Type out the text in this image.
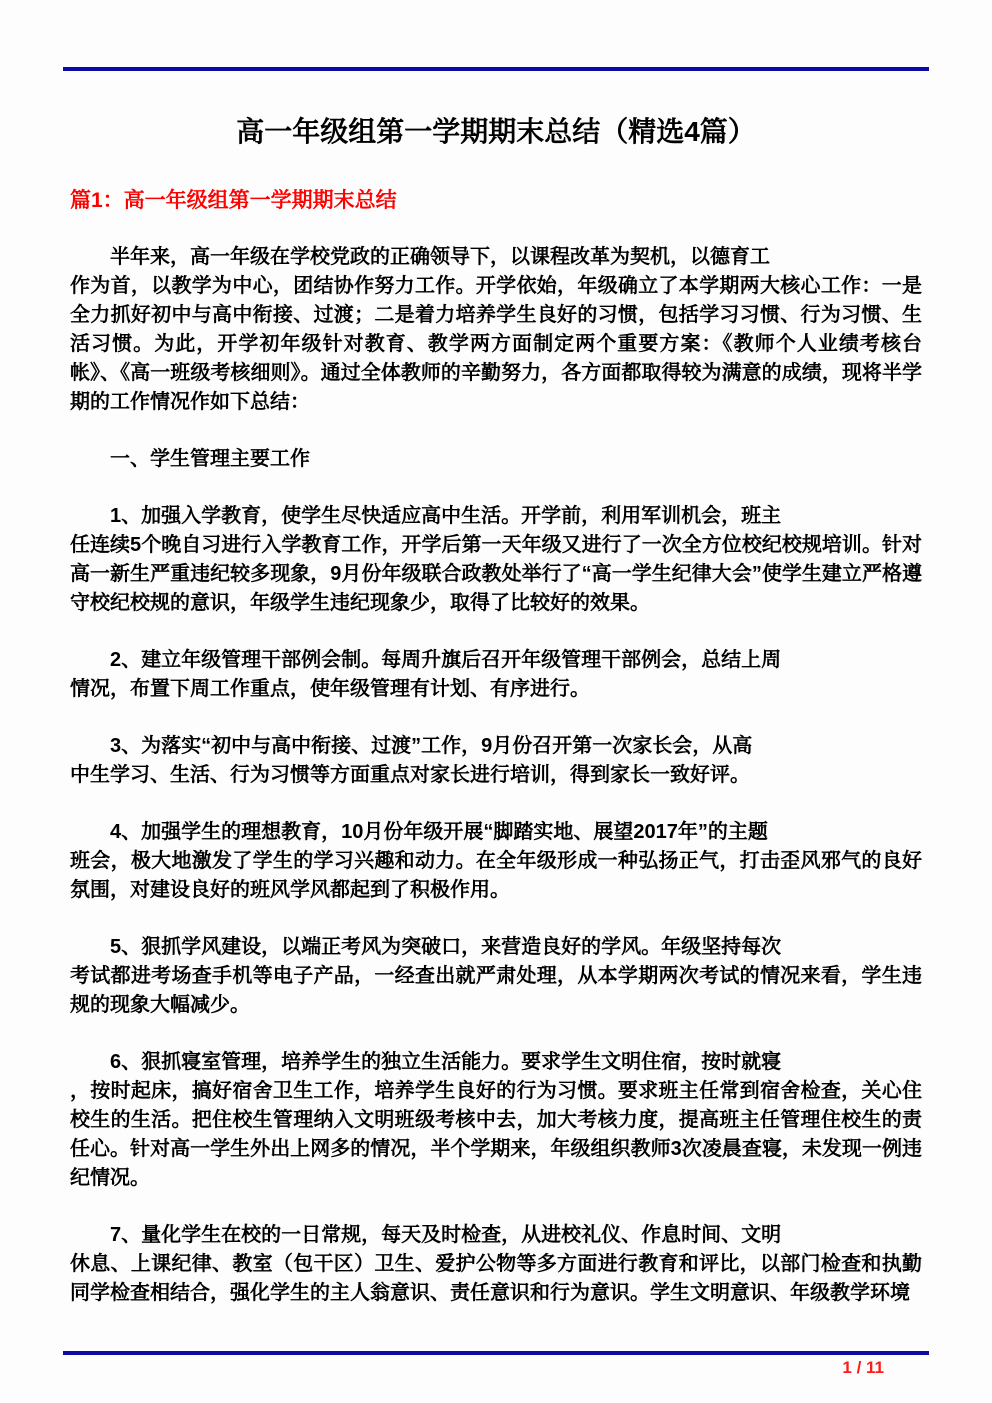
高一年级组第一学期期末总结（精选4篇）
篇1：高一年级组第一学期期末总结

半年来，高一年级在学校党政的正确领导下，以课程改革为契机，以德育工
作为首，以教学为中心，团结协作努力工作。开学依始，年级确立了本学期两大核心工作：一是全力抓好初中与高中衔接、过渡；二是着力培养学生良好的习惯，包括学习习惯、行为习惯、生活习惯。为此，开学初年级针对教育、教学两方面制定两个重要方案：《教师个人业绩考核台帐》、《高一班级考核细则》。通过全体教师的辛勤努力，各方面都取得较为满意的成绩，现将半学期的工作情况作如下总结：

一、学生管理主要工作

1、加强入学教育，使学生尽快适应高中生活。开学前，利用军训机会，班主
任连续5个晚自习进行入学教育工作，开学后第一天年级又进行了一次全方位校纪校规培训。针对高一新生严重违纪较多现象，9月份年级联合政教处举行了“高一学生纪律大会”使学生建立严格遵守校纪校规的意识，年级学生违纪现象少，取得了比较好的效果。

2、建立年级管理干部例会制。每周升旗后召开年级管理干部例会，总结上周
情况，布置下周工作重点，使年级管理有计划、有序进行。

3、为落实“初中与高中衔接、过渡”工作，9月份召开第一次家长会，从高
中生学习、生活、行为习惯等方面重点对家长进行培训，得到家长一致好评。

4、加强学生的理想教育，10月份年级开展“脚踏实地、展望2017年”的主题
班会，极大地激发了学生的学习兴趣和动力。在全年级形成一种弘扬正气，打击歪风邪气的良好氛围，对建设良好的班风学风都起到了积极作用。

5、狠抓学风建设，以端正考风为突破口，来营造良好的学风。年级坚持每次
考试都进考场查手机等电子产品，一经查出就严肃处理，从本学期两次考试的情况来看，学生违规的现象大幅减少。

6、狠抓寝室管理，培养学生的独立生活能力。要求学生文明住宿，按时就寝
，按时起床，搞好宿舍卫生工作，培养学生良好的行为习惯。要求班主任常到宿舍检查，关心住校生的生活。把住校生管理纳入文明班级考核中去，加大考核力度，提高班主任管理住校生的责任心。针对高一学生外出上网多的情况，半个学期来，年级组织教师3次凌晨查寝，未发现一例违纪情况。

7、量化学生在校的一日常规，每天及时检查，从进校礼仪、作息时间、文明
休息、上课纪律、教室（包干区）卫生、爱护公物等多方面进行教育和评比，以部门检查和执勤同学检查相结合，强化学生的主人翁意识、责任意识和行为意识。学生文明意识、年级教学环境

1 / 11
